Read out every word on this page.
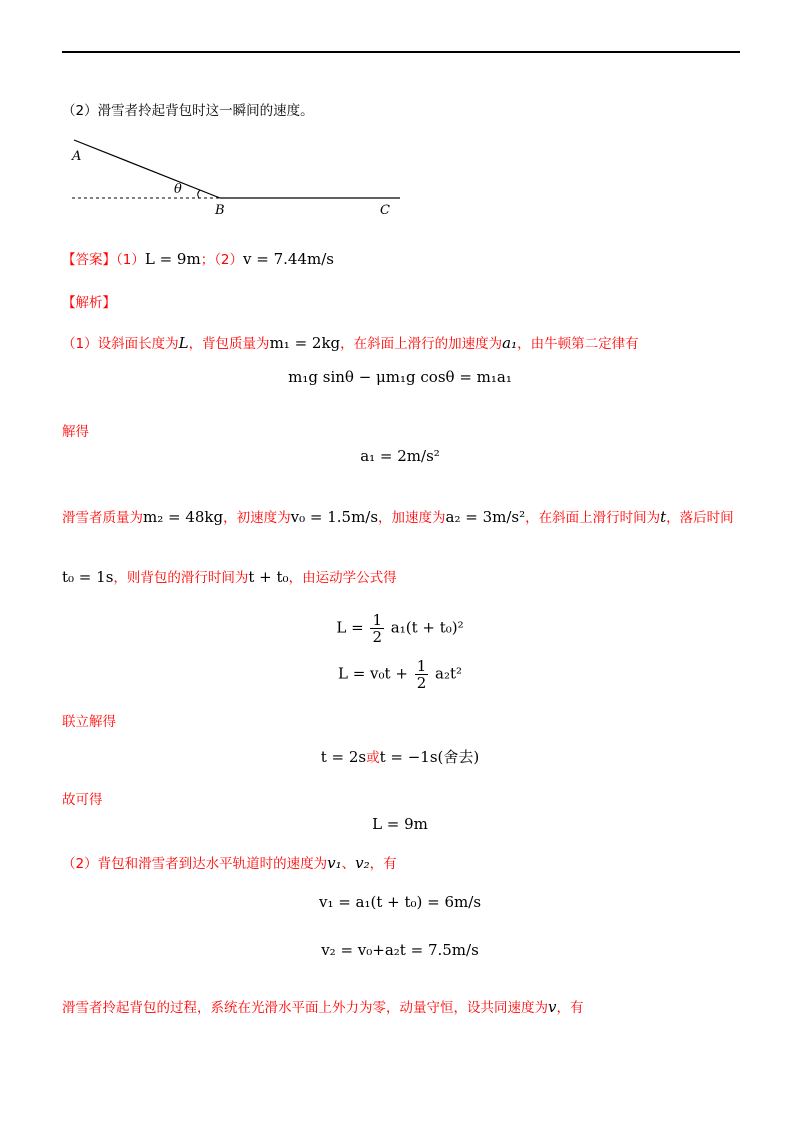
（2）滑雪者拎起背包时这一瞬间的速度。
A
B	C
θ
【答案】（1）L = 9m；（2）v = 7.44m/s
【解析】
（1）设斜面长度为L，背包质量为m₁ = 2kg，在斜面上滑行的加速度为a₁，由牛顿第二定律有
m₁g sinθ − μm₁g cosθ = m₁a₁
解得
a₁ = 2m/s²
滑雪者质量为m₂ = 48kg，初速度为v₀ = 1.5m/s，加速度为a₂ = 3m/s²，在斜面上滑行时间为t，落后时间
t₀ = 1s，则背包的滑行时间为t + t₀，由运动学公式得
$L = \frac{1}{2} a_1(t + t_0)^2$
$L = v_0t + \frac{1}{2} a_2t^2$
联立解得
t = 2s或t = −1s(舍去)
故可得
L = 9m
（2）背包和滑雪者到达水平轨道时的速度为v₁、v₂，有
v₁ = a₁(t + t₀) = 6m/s
v₂ = v₀+a₂t = 7.5m/s
滑雪者拎起背包的过程，系统在光滑水平面上外力为零，动量守恒，设共同速度为v，有
